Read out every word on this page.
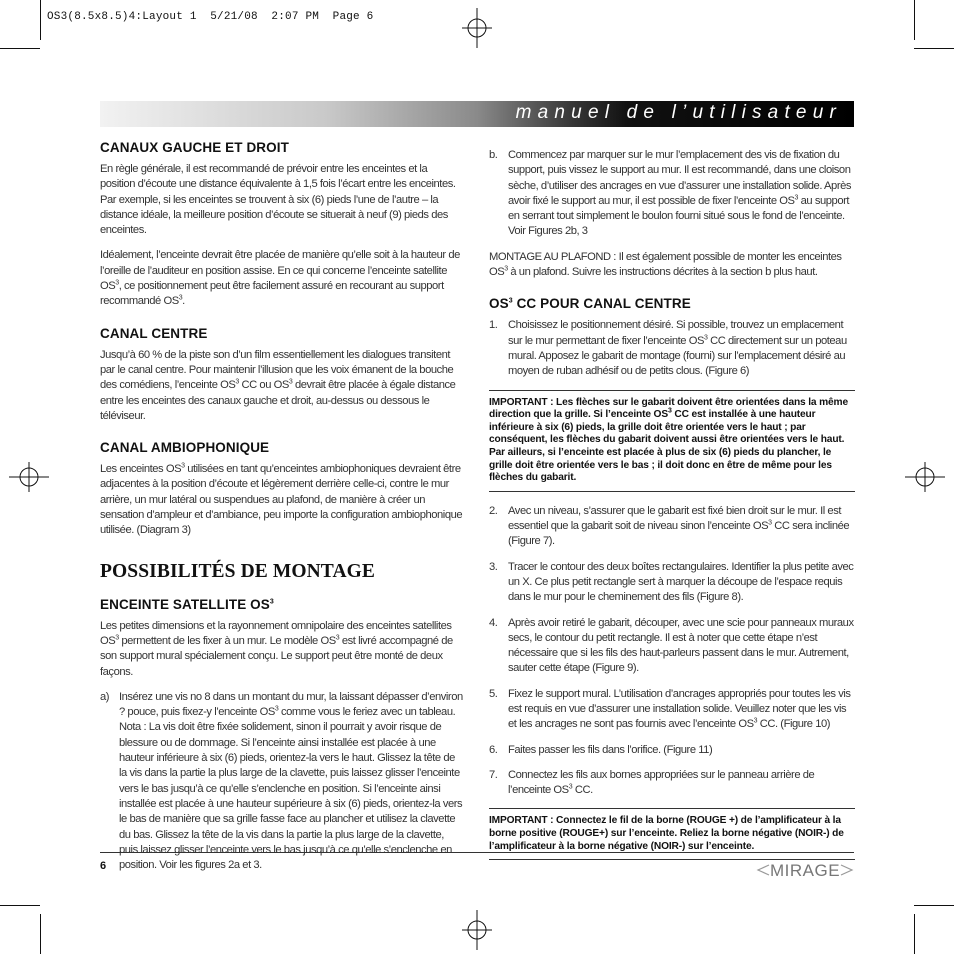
OS3(8.5x8.5)4:Layout 1  5/21/08  2:07 PM  Page 6
manuel de l’utilisateur
CANAUX GAUCHE ET DROIT

En règle générale, il est recommandé de prévoir entre les enceintes et la position d’écoute une distance équivalente à 1,5 fois l’écart entre les enceintes. Par exemple, si les enceintes se trouvent à six (6) pieds l’une de l’autre – la distance idéale, la meilleure position d’écoute se situerait à neuf (9) pieds des enceintes.

Idéalement, l’enceinte devrait être placée de manière qu’elle soit à la hauteur de l’oreille de l’auditeur en position assise. En ce qui concerne l’enceinte satellite $OS^3$, ce positionnement peut être facilement assuré en recourant au support recommandé $OS^3$.

CANAL CENTRE

Jusqu’à 60 % de la piste son d’un film essentiellement les dialogues transitent par le canal centre. Pour maintenir l’illusion que les voix émanent de la bouche des comédiens, l’enceinte $OS^3$ CC ou $OS^3$ devrait être placée à égale distance entre les enceintes des canaux gauche et droit, au-dessus ou dessous le téléviseur.

CANAL AMBIOPHONIQUE

Les enceintes $OS^3$ utilisées en tant qu’enceintes ambiophoniques devraient être adjacentes à la position d’écoute et légèrement derrière celle-ci, contre le mur arrière, un mur latéral ou suspendues au plafond, de manière à créer un sensation d’ampleur et d’ambiance, peu importe la configuration ambiophonique utilisée. (Diagram 3)

POSSIBILITÉS DE MONTAGE
ENCEINTE SATELLITE $OS^3$

Les petites dimensions et la rayonnement omnipolaire des enceintes satellites $OS^3$ permettent de les fixer à un mur. Le modèle $OS^3$ est livré accompagné de son support mural spécialement conçu. Le support peut être monté de deux façons.

a) Insérez une vis no 8 dans un montant du mur, la laissant dépasser d’environ ? pouce, puis fixez-y l’enceinte $OS^3$ comme vous le feriez avec un tableau. Nota : La vis doit être fixée solidement, sinon il pourrait y avoir risque de blessure ou de dommage. Si l’enceinte ainsi installée est placée à une hauteur inférieure à six (6) pieds, orientez-la vers le haut. Glissez la tête de la vis dans la partie la plus large de la clavette, puis laissez glisser l’enceinte vers le bas jusqu’à ce qu’elle s’enclenche en position. Si l’enceinte ainsi installée est placée à une hauteur supérieure à six (6) pieds, orientez-la vers le bas de manière que sa grille fasse face au plancher et utilisez la clavette du bas. Glissez la tête de la vis dans la partie la plus large de la clavette, puis laissez glisser l’enceinte vers le bas jusqu’à ce qu’elle s’enclenche en position. Voir les figures 2a et 3.
b. Commencez par marquer sur le mur l’emplacement des vis de fixation du support, puis vissez le support au mur. Il est recommandé, dans une cloison sèche, d’utiliser des ancrages en vue d’assurer une installation solide. Après avoir fixé le support au mur, il est possible de fixer l’enceinte $OS^3$ au support en serrant tout simplement le boulon fourni situé sous le fond de l’enceinte. Voir Figures 2b, 3

MONTAGE AU PLAFOND : Il est également possible de monter les enceintes $OS^3$ à un plafond. Suivre les instructions décrites à la section b plus haut.

$OS^3$ CC POUR CANAL CENTRE
1. Choisissez le positionnement désiré. Si possible, trouvez un emplacement sur le mur permettant de fixer l’enceinte $OS^3$ CC directement sur un poteau mural. Apposez le gabarit de montage (fourni) sur l’emplacement désiré au moyen de ruban adhésif ou de petits clous. (Figure 6)
IMPORTANT : Les flèches sur le gabarit doivent être orientées dans la même direction que la grille. Si l’enceinte $OS^3$ CC est installée à une hauteur inférieure à six (6) pieds, la grille doit être orientée vers le haut ; par conséquent, les flèches du gabarit doivent aussi être orientées vers le haut. Par ailleurs, si l’enceinte est placée à plus de six (6) pieds du plancher, le grille doit être orientée vers le bas ; il doit donc en être de même pour les flèches du gabarit.
2. Avec un niveau, s’assurer que le gabarit est fixé bien droit sur le mur. Il est essentiel que la gabarit soit de niveau sinon l’enceinte $OS^3$ CC sera inclinée (Figure 7).
3. Tracer le contour des deux boîtes rectangulaires. Identifier la plus petite avec un X. Ce plus petit rectangle sert à marquer la découpe de l’espace requis dans le mur pour le cheminement des fils (Figure 8).
4. Après avoir retiré le gabarit, découper, avec une scie pour panneaux muraux secs, le contour du petit rectangle. Il est à noter que cette étape n’est nécessaire que si les fils des haut-parleurs passent dans le mur. Autrement, sauter cette étape (Figure 9).
5. Fixez le support mural. L’utilisation d’ancrages appropriés pour toutes les vis est requis en vue d’assurer une installation solide. Veuillez noter que les vis et les ancrages ne sont pas fournis avec l’enceinte $OS^3$ CC. (Figure 10)
6. Faites passer les fils dans l’orifice. (Figure 11)
7. Connectez les fils aux bornes appropriées sur le panneau arrière de l’enceinte $OS^3$ CC.
IMPORTANT : Connectez le fil de la borne (ROUGE +) de l’amplificateur à la borne positive (ROUGE+) sur l’enceinte. Reliez la borne négative (NOIR-) de l’amplificateur à la borne négative (NOIR-) sur l’enceinte.
6	MIRAGE
